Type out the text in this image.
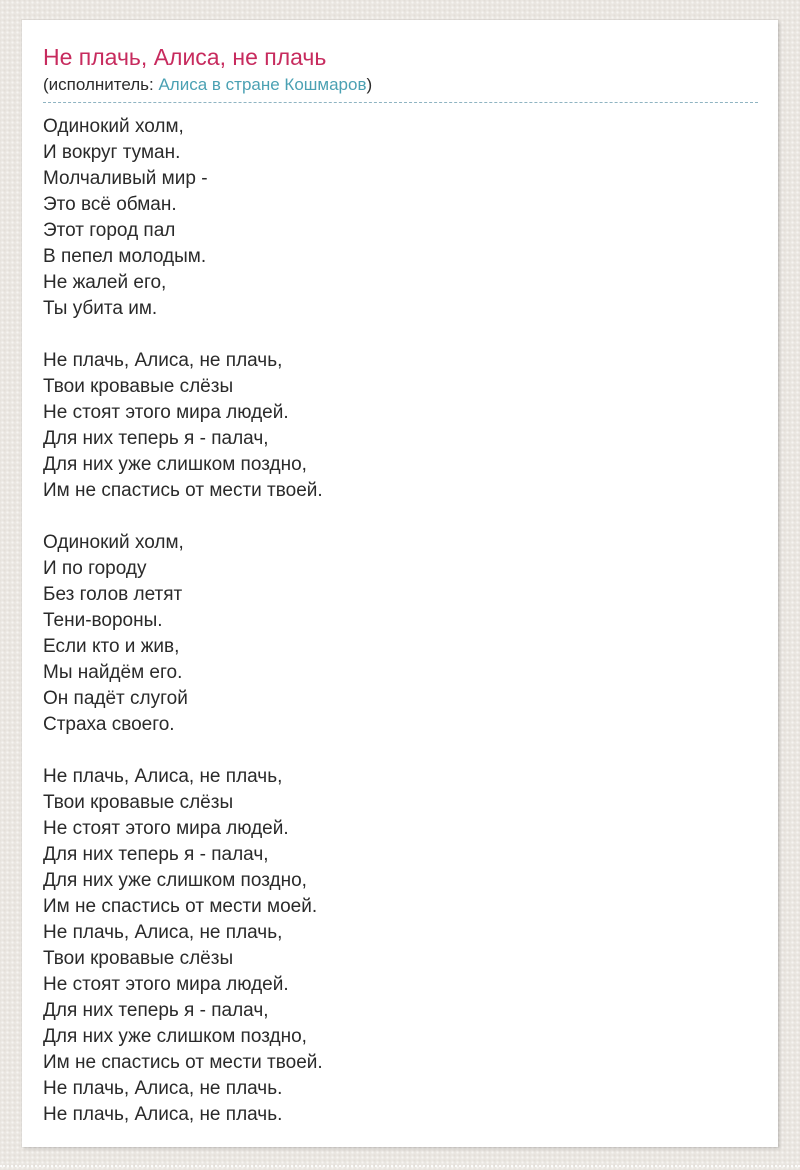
Не плачь, Алиса, не плачь
(исполнитель: Алиса в стране Кошмаров)

Одинокий холм,
И вокруг туман.
Молчаливый мир -
Это всё обман.
Этот город пал
В пепел молодым.
Не жалей его,
Ты убита им.

Не плачь, Алиса, не плачь,
Твои кровавые слёзы
Не стоят этого мира людей.
Для них теперь я - палач,
Для них уже слишком поздно,
Им не спастись от мести твоей.

Одинокий холм,
И по городу
Без голов летят
Тени-вороны.
Если кто и жив,
Мы найдём его.
Он падёт слугой
Страха своего.

Не плачь, Алиса, не плачь,
Твои кровавые слёзы
Не стоят этого мира людей.
Для них теперь я - палач,
Для них уже слишком поздно,
Им не спастись от мести моей.
Не плачь, Алиса, не плачь,
Твои кровавые слёзы
Не стоят этого мира людей.
Для них теперь я - палач,
Для них уже слишком поздно,
Им не спастись от мести твоей.
Не плачь, Алиса, не плачь.
Не плачь, Алиса, не плачь.
